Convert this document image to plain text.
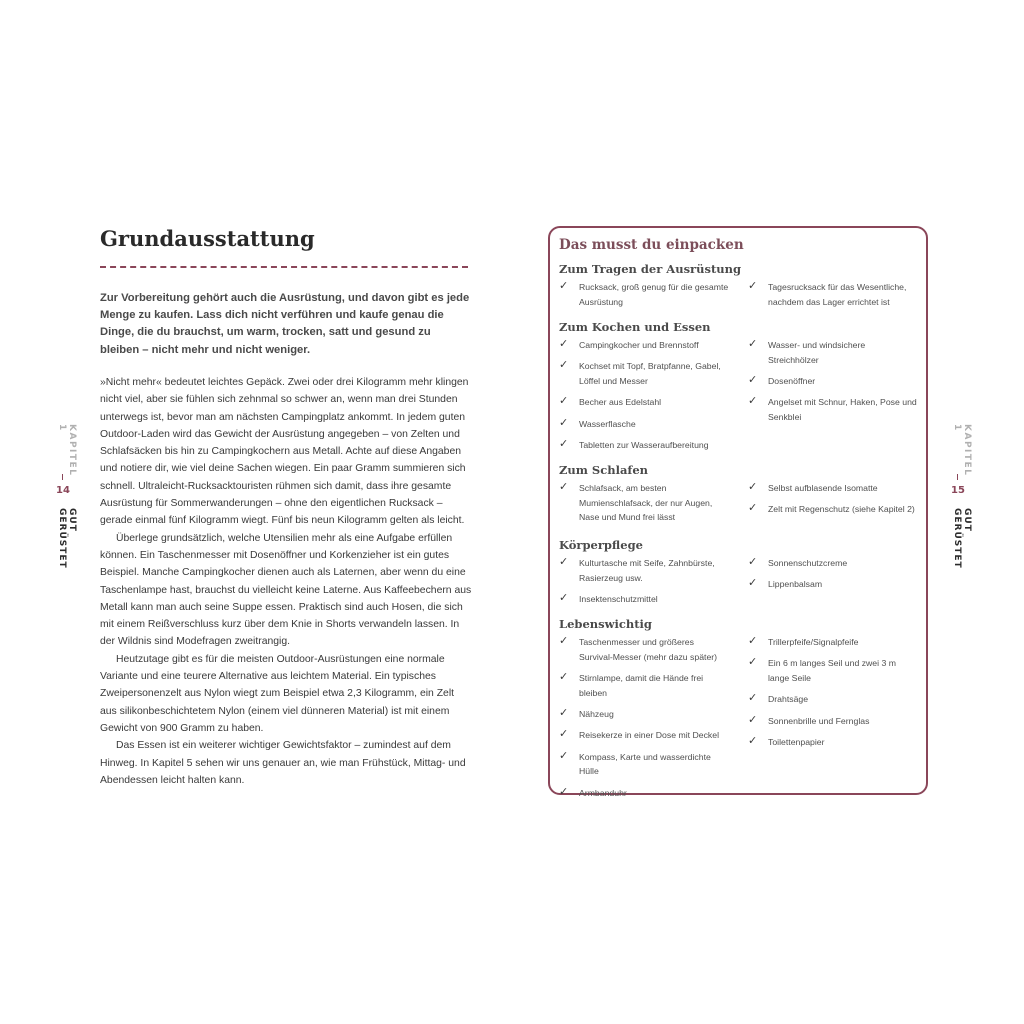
KAPITEL 1
14
GUT GERÜSTET
KAPITEL 1
15
GUT GERÜSTET
Grundausstattung

Zur Vorbereitung gehört auch die Ausrüstung, und davon gibt es jede Menge zu kaufen. Lass dich nicht verführen und kaufe genau die Dinge, die du brauchst, um warm, trocken, satt und gesund zu bleiben – nicht mehr und nicht weniger.

»Nicht mehr« bedeutet leichtes Gepäck. Zwei oder drei Kilogramm mehr klingen nicht viel, aber sie fühlen sich zehnmal so schwer an, wenn man drei Stunden unterwegs ist, bevor man am nächsten Campingplatz ankommt. In jedem guten Outdoor-Laden wird das Gewicht der Ausrüstung angegeben – von Zelten und Schlafsäcken bis hin zu Campingkochern aus Metall. Achte auf diese Angaben und notiere dir, wie viel deine Sachen wiegen. Ein paar Gramm summieren sich schnell. Ultraleicht-Rucksacktouristen rühmen sich damit, dass ihre gesamte Ausrüstung für Sommerwanderungen – ohne den eigentlichen Rucksack – gerade einmal fünf Kilogramm wiegt. Fünf bis neun Kilogramm gelten als leicht.

Überlege grundsätzlich, welche Utensilien mehr als eine Aufgabe erfüllen können. Ein Taschenmesser mit Dosenöffner und Korkenzieher ist ein gutes Beispiel. Manche Campingkocher dienen auch als Laternen, aber wenn du eine Taschenlampe hast, brauchst du vielleicht keine Laterne. Aus Kaffeebechern aus Metall kann man auch seine Suppe essen. Praktisch sind auch Hosen, die sich mit einem Reißverschluss kurz über dem Knie in Shorts verwandeln lassen. In der Wildnis sind Modefragen zweitrangig.

Heutzutage gibt es für die meisten Outdoor-Ausrüstungen eine normale Variante und eine teurere Alternative aus leichtem Material. Ein typisches Zweipersonenzelt aus Nylon wiegt zum Beispiel etwa 2,3 Kilogramm, ein Zelt aus silikonbeschichtetem Nylon (einem viel dünneren Material) ist mit einem Gewicht von 900 Gramm zu haben.

Das Essen ist ein weiterer wichtiger Gewichtsfaktor – zumindest auf dem Hinweg. In Kapitel 5 sehen wir uns genauer an, wie man Frühstück, Mittag- und Abendessen leicht halten kann.

Das musst du einpacken
Zum Tragen der Ausrüstung
✓ Rucksack, groß genug für die gesamte Ausrüstung
✓ Tagesrucksack für das Wesentliche, nachdem das Lager errichtet ist
Zum Kochen und Essen
✓ Campingkocher und Brennstoff
✓ Kochset mit Topf, Bratpfanne, Gabel, Löffel und Messer
✓ Becher aus Edelstahl
✓ Wasserflasche
✓ Tabletten zur Wasseraufbereitung
✓ Wasser- und windsichere Streichhölzer
✓ Dosenöffner
✓ Angelset mit Schnur, Haken, Pose und Senkblei
Zum Schlafen
✓ Schlafsack, am besten Mumienschlafsack, der nur Augen, Nase und Mund frei lässt
✓ Selbst aufblasende Isomatte
✓ Zelt mit Regenschutz (siehe Kapitel 2)
Körperpflege
✓ Kulturtasche mit Seife, Zahnbürste, Rasierzeug usw.
✓ Insektenschutzmittel
✓ Sonnenschutzcreme
✓ Lippenbalsam
Lebenswichtig
✓ Taschenmesser und größeres Survival-Messer (mehr dazu später)
✓ Stirnlampe, damit die Hände frei bleiben
✓ Nähzeug
✓ Reisekerze in einer Dose mit Deckel
✓ Kompass, Karte und wasserdichte Hülle
✓ Armbanduhr
✓ Trillerpfeife/Signalpfeife
✓ Ein 6 m langes Seil und zwei 3 m lange Seile
✓ Drahtsäge
✓ Sonnenbrille und Fernglas
✓ Toilettenpapier
